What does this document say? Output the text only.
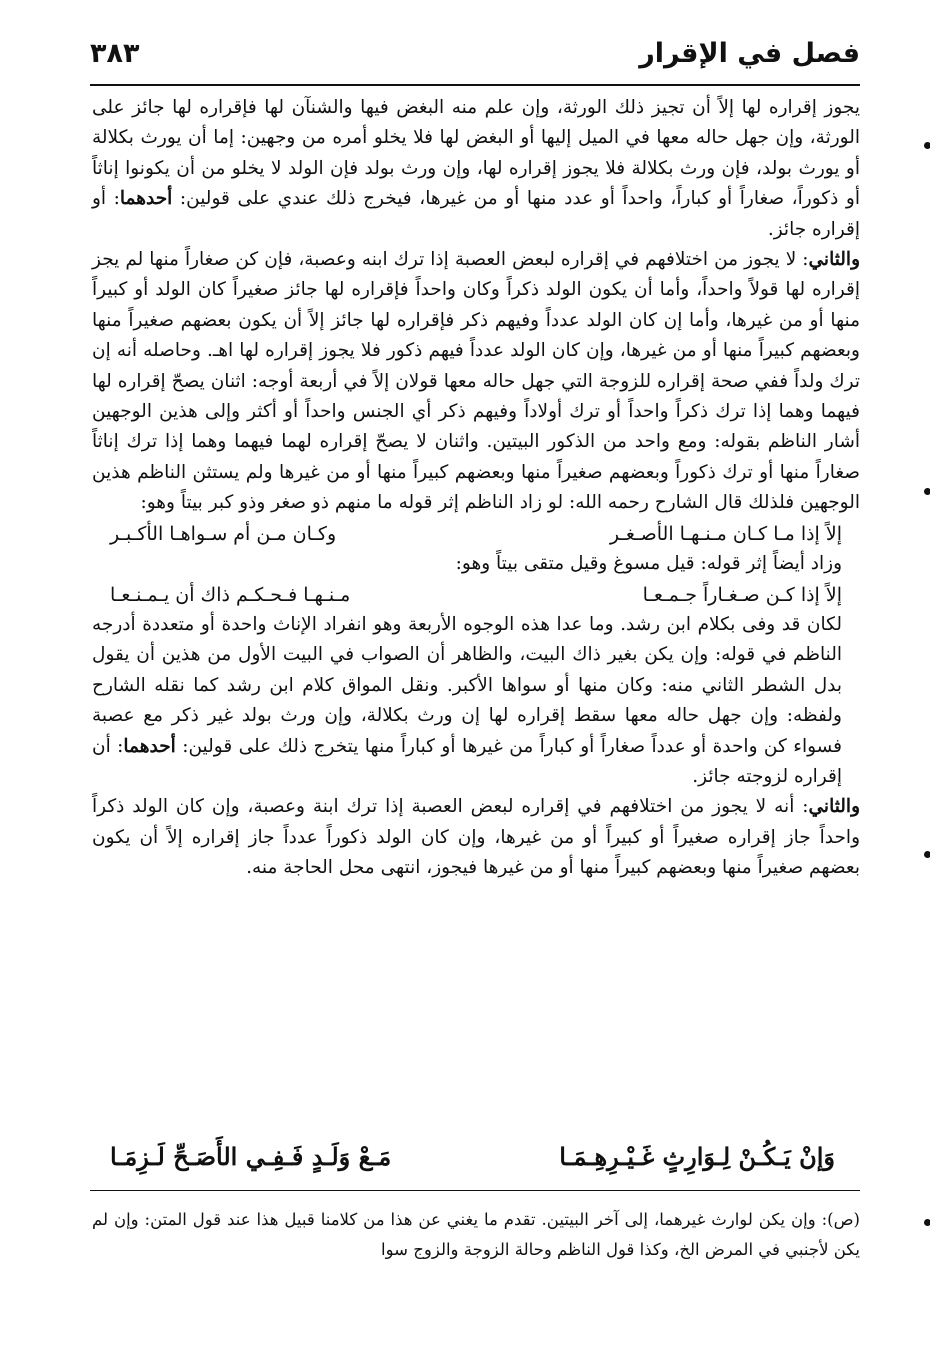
فصل في الإقرار
٣٨٣

يجوز إقراره لها إلاً أن تجيز ذلك الورثة، وإن علم منه البغض فيها والشنآن لها فإقراره لها جائز على الورثة، وإن جهل حاله معها في الميل إليها أو البغض لها فلا يخلو أمره من وجهين: إما أن يورث بكلالة أو يورث بولد، فإن ورث بكلالة فلا يجوز إقراره لها، وإن ورث بولد فإن الولد لا يخلو من أن يكونوا إناثاً أو ذكوراً، صغاراً أو كباراً، واحداً أو عدد منها أو من غيرها، فيخرج ذلك عندي على قولين: أحدهما: أو إقراره جائز.

والثاني: لا يجوز من اختلافهم في إقراره لبعض العصبة إذا ترك ابنه وعصبة، فإن كن صغاراً منها لم يجز إقراره لها قولاً واحداً، وأما أن يكون الولد ذكراً وكان واحداً فإقراره لها جائز صغيراً كان الولد أو كبيراً منها أو من غيرها، وأما إن كان الولد عدداً وفيهم ذكر فإقراره لها جائز إلاً أن يكون بعضهم صغيراً منها وبعضهم كبيراً منها أو من غيرها، وإن كان الولد عدداً فيهم ذكور فلا يجوز إقراره لها اهـ. وحاصله أنه إن ترك ولداً ففي صحة إقراره للزوجة التي جهل حاله معها قولان إلاً في أربعة أوجه: اثنان يصحّ إقراره لها فيهما وهما إذا ترك ذكراً واحداً أو ترك أولاداً وفيهم ذكر أي الجنس واحداً أو أكثر وإلى هذين الوجهين أشار الناظم بقوله: ومع واحد من الذكور البيتين. واثنان لا يصحّ إقراره لهما فيهما وهما إذا ترك إناثاً صغاراً منها أو ترك ذكوراً وبعضهم صغيراً منها وبعضهم كبيراً منها أو من غيرها ولم يستثن الناظم هذين الوجهين فلذلك قال الشارح رحمه الله: لو زاد الناظم إثر قوله ما منهم ذو صغر وذو كبر بيتاً وهو:

إلاً إذا مـا كـان مـنـهـا الأصـغـر
وكـان مـن أم سـواهـا الأكـبـر

وزاد أيضاً إثر قوله: قيل مسوغ وقيل متقى بيتاً وهو:

إلاً إذا كـن صـغـاراً جـمـعـا
مـنـهـا فـحـكـم ذاك أن يـمـنـعـا

لكان قد وفى بكلام ابن رشد. وما عدا هذه الوجوه الأربعة وهو انفراد الإناث واحدة أو متعددة أدرجه الناظم في قوله: وإن يكن بغير ذاك البيت، والظاهر أن الصواب في البيت الأول من هذين أن يقول بدل الشطر الثاني منه: وكان منها أو سواها الأكبر. ونقل المواق كلام ابن رشد كما نقله الشارح ولفظه: وإن جهل حاله معها سقط إقراره لها إن ورث بكلالة، وإن ورث بولد غير ذكر مع عصبة فسواء كن واحدة أو عدداً صغاراً أو كباراً من غيرها أو كباراً منها يتخرج ذلك على قولين: أحدهما: أن إقراره لزوجته جائز.

والثاني: أنه لا يجوز من اختلافهم في إقراره لبعض العصبة إذا ترك ابنة وعصبة، وإن كان الولد ذكراً واحداً جاز إقراره صغيراً أو كبيراً أو من غيرها، وإن كان الولد ذكوراً عدداً جاز إقراره إلاً أن يكون بعضهم صغيراً منها وبعضهم كبيراً منها أو من غيرها فيجوز، انتهى محل الحاجة منه.

وَإنْ يَـكُـنْ لِـوَارِثٍ غَـيْـرِهِـمَـا
مَـعْ وَلَـدٍ فَـفِـي الأَصَـحِّ لَـزِمَـا

(ص): وإن يكن لوارث غيرهما، إلى آخر البيتين. تقدم ما يغني عن هذا من كلامنا قبيل هذا عند قول المتن: وإن لم يكن لأجنبي في المرض الخ، وكذا قول الناظم وحالة الزوجة والزوج سوا
